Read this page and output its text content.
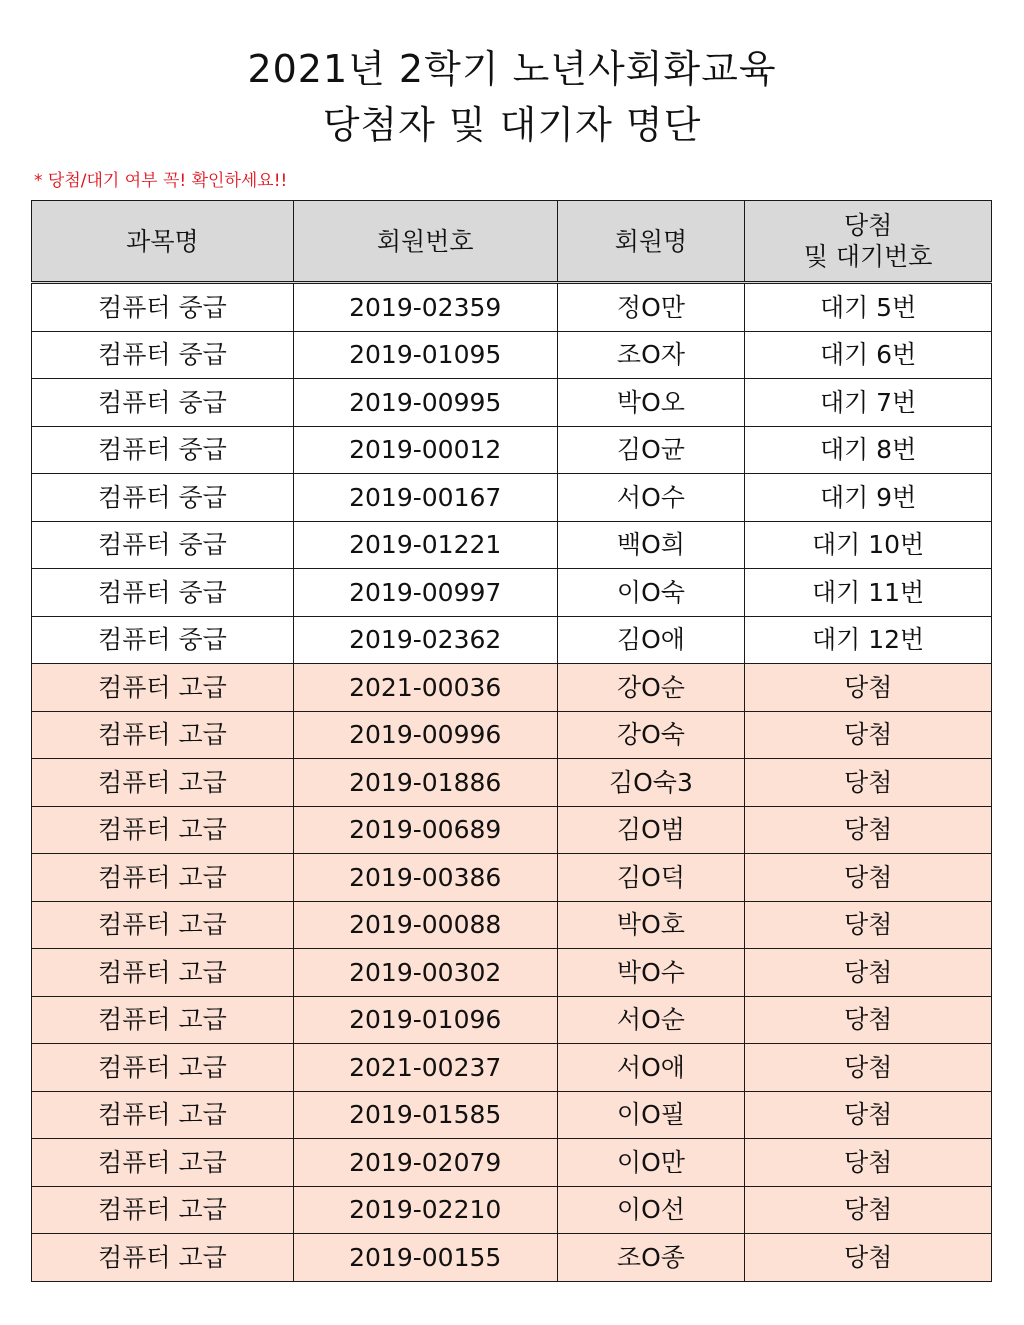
2021년 2학기 노년사회화교육
당첨자 및 대기자 명단
* 당첨/대기 여부 꼭! 확인하세요!!
과목명	회원번호	회원명	당첨
및 대기번호
컴퓨터 중급	2019-02359	정O만	대기 5번
컴퓨터 중급	2019-01095	조O자	대기 6번
컴퓨터 중급	2019-00995	박O오	대기 7번
컴퓨터 중급	2019-00012	김O균	대기 8번
컴퓨터 중급	2019-00167	서O수	대기 9번
컴퓨터 중급	2019-01221	백O희	대기 10번
컴퓨터 중급	2019-00997	이O숙	대기 11번
컴퓨터 중급	2019-02362	김O애	대기 12번
컴퓨터 고급	2021-00036	강O순	당첨
컴퓨터 고급	2019-00996	강O숙	당첨
컴퓨터 고급	2019-01886	김O숙3	당첨
컴퓨터 고급	2019-00689	김O범	당첨
컴퓨터 고급	2019-00386	김O덕	당첨
컴퓨터 고급	2019-00088	박O호	당첨
컴퓨터 고급	2019-00302	박O수	당첨
컴퓨터 고급	2019-01096	서O순	당첨
컴퓨터 고급	2021-00237	서O애	당첨
컴퓨터 고급	2019-01585	이O필	당첨
컴퓨터 고급	2019-02079	이O만	당첨
컴퓨터 고급	2019-02210	이O선	당첨
컴퓨터 고급	2019-00155	조O종	당첨
